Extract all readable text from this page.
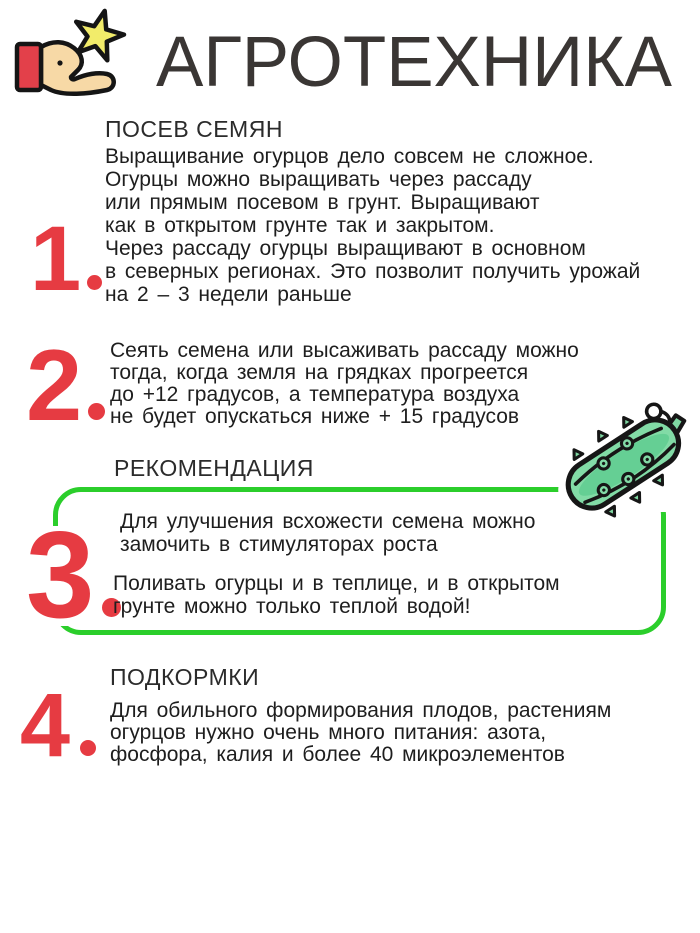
АГРОТЕХНИКА
1
ПОСЕВ СЕМЯН
Выращивание огурцов дело совсем не сложное.
Огурцы можно выращивать через рассаду
или прямым посевом в грунт. Выращивают
как в открытом грунте так и закрытом.
Через рассаду огурцы выращивают в основном
в северных регионах. Это позволит получить урожай
на 2 – 3 недели раньше
2	Сеять семена или высаживать рассаду можно
тогда, когда земля на грядках прогреется
до +12 градусов, а температура воздуха
не будет опускаться ниже + 15 градусов
РЕКОМЕНДАЦИЯ
3	Для улучшения всхожести семена можно
замочить в стимуляторах роста
Поливать огурцы и в теплице, и в открытом
грунте можно только теплой водой!
4	ПОДКОРМКИ
Для обильного формирования плодов, растениям
огурцов нужно очень много питания: азота,
фосфора, калия и более 40 микроэлементов
